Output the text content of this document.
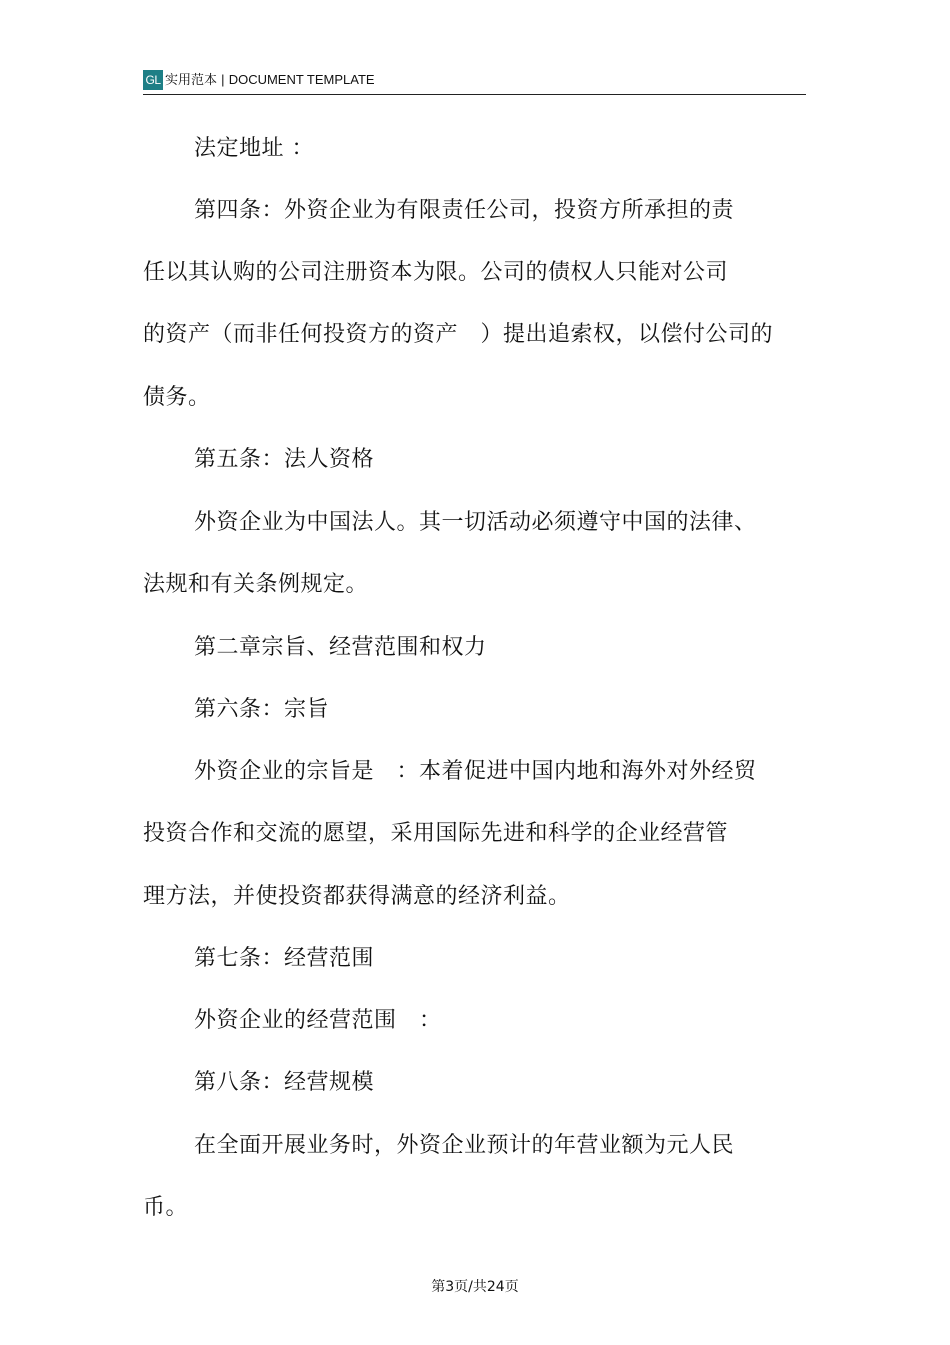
GL 实用范本 | DOCUMENT TEMPLATE
法定地址 ：
第四条：外资企业为有限责任公司，投资方所承担的责
任以其认购的公司注册资本为限。公司的债权人只能对公司
的资产（而非任何投资方的资产　）提出追索权，以偿付公司的
债务。
第五条：法人资格
外资企业为中国法人。其一切活动必须遵守中国的法律、
法规和有关条例规定。
第二章宗旨、经营范围和权力
第六条：宗旨
外资企业的宗旨是　：本着促进中国内地和海外对外经贸
投资合作和交流的愿望，采用国际先进和科学的企业经营管
理方法，并使投资都获得满意的经济利益。
第七条：经营范围
外资企业的经营范围　：
第八条：经营规模
在全面开展业务时，外资企业预计的年营业额为元人民
币。
第3页/共24页
